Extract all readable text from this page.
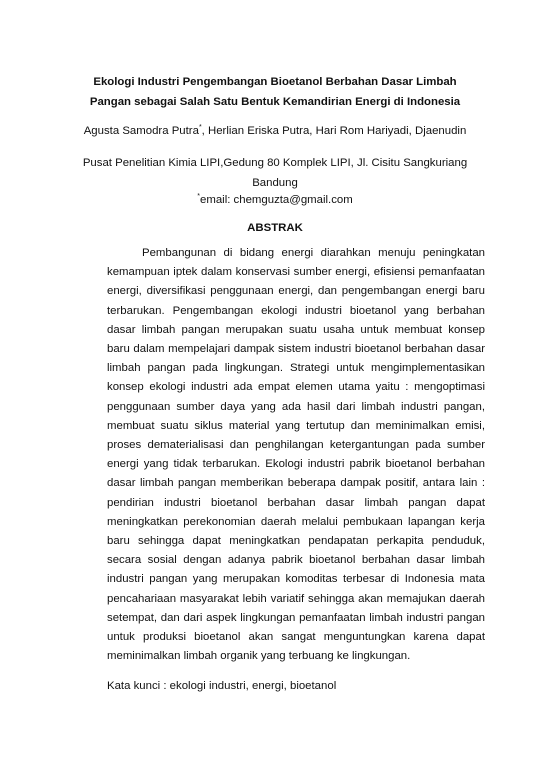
Ekologi Industri Pengembangan Bioetanol Berbahan Dasar Limbah
Pangan sebagai Salah Satu Bentuk Kemandirian Energi di Indonesia
Agusta Samodra Putra*, Herlian Eriska Putra, Hari Rom Hariyadi, Djaenudin
Pusat Penelitian Kimia LIPI,Gedung 80 Komplek LIPI, Jl. Cisitu Sangkuriang
Bandung
*email: chemguzta@gmail.com
ABSTRAK

Pembangunan di bidang energi diarahkan menuju peningkatan kemampuan iptek dalam konservasi sumber energi, efisiensi pemanfaatan energi, diversifikasi penggunaan energi, dan pengembangan energi baru terbarukan. Pengembangan ekologi industri bioetanol yang berbahan dasar limbah pangan merupakan suatu usaha untuk membuat konsep baru dalam mempelajari dampak sistem industri bioetanol berbahan dasar limbah pangan pada lingkungan. Strategi untuk mengimplementasikan konsep ekologi industri ada empat elemen utama yaitu : mengoptimasi penggunaan sumber daya yang ada hasil dari limbah industri pangan, membuat suatu siklus material yang tertutup dan meminimalkan emisi, proses dematerialisasi dan penghilangan ketergantungan pada sumber energi yang tidak terbarukan. Ekologi industri pabrik bioetanol berbahan dasar limbah pangan memberikan beberapa dampak positif, antara lain : pendirian industri bioetanol berbahan dasar limbah pangan dapat meningkatkan perekonomian daerah melalui pembukaan lapangan kerja baru sehingga dapat meningkatkan pendapatan perkapita penduduk, secara sosial dengan adanya pabrik bioetanol berbahan dasar limbah industri pangan yang merupakan komoditas terbesar di Indonesia mata pencahariaan masyarakat lebih variatif sehingga akan memajukan daerah setempat, dan dari aspek lingkungan pemanfaatan limbah industri pangan untuk produksi bioetanol akan sangat menguntungkan karena dapat meminimalkan limbah organik yang terbuang ke lingkungan.

Kata kunci : ekologi industri, energi, bioetanol
